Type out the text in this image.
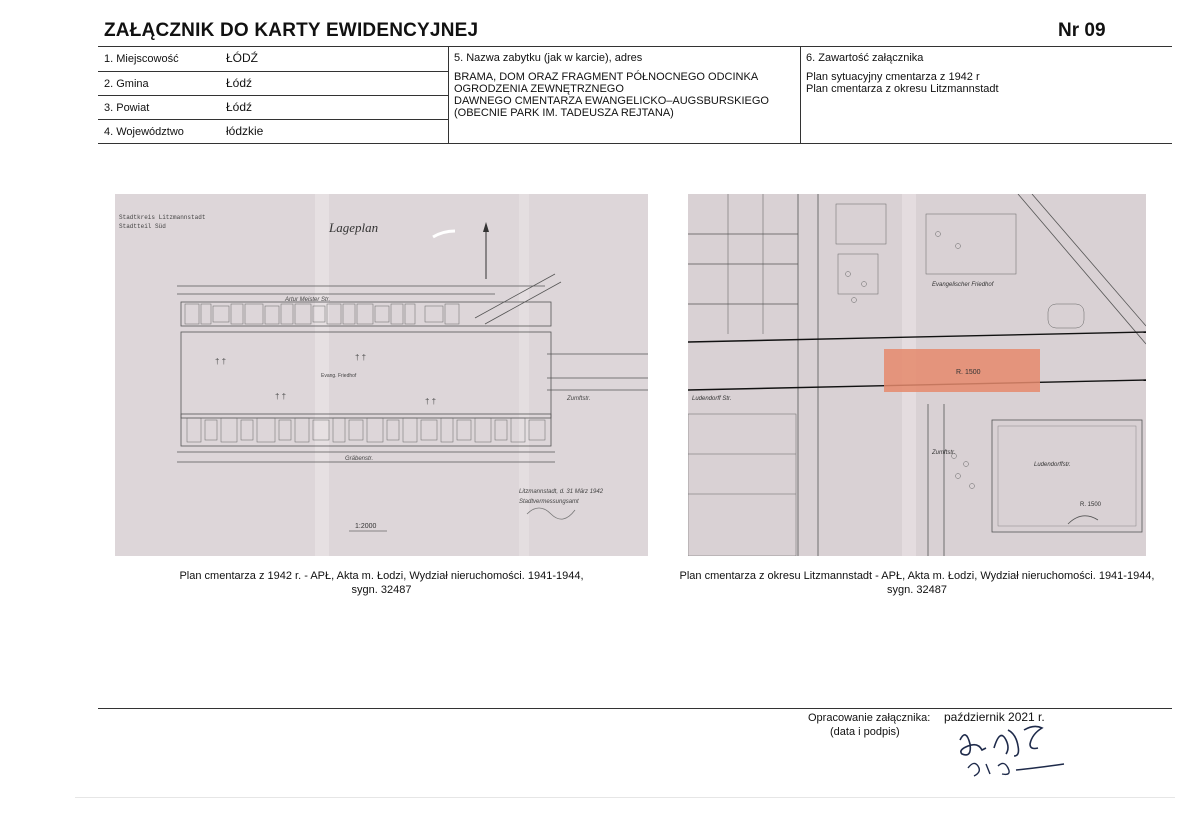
ZAŁĄCZNIK DO KARTY EWIDENCYJNEJ	Nr 09
1. Miejscowość	ŁÓDŹ
2. Gmina	Łódź
3. Powiat	Łódź
4. Województwo	łódzkie
5. Nazwa zabytku (jak w karcie), adres
BRAMA, DOM ORAZ FRAGMENT PÓŁNOCNEGO ODCINKA
OGRODZENIA ZEWNĘTRZNEGO
DAWNEGO CMENTARZA EWANGELICKO–AUGSBURSKIEGO
(OBECNIE PARK IM. TADEUSZA REJTANA)
6. Zawartość załącznika
Plan sytuacyjny cmentarza z 1942 r
Plan cmentarza z okresu Litzmannstadt
Stadtkreis Litzmannstadt
Stadtteil Süd	Lageplan
Artur Meister Str.
Evang. Friedhof
† †	† †
† †
† †	Zumftstr.
Gräbenstr.
Litzmannstadt, d. 31 März 1942
Stadtvermessungsamt
1:2000
Evangelischer Friedhof
R. 1500
Ludendorff Str.
Zumftstr.
Ludendorffstr.
R. 1500
Plan cmentarza z 1942 r. - APŁ, Akta m. Łodzi, Wydział nieruchomości. 1941-1944,
sygn. 32487
Plan cmentarza z okresu Litzmannstadt - APŁ, Akta m. Łodzi, Wydział nieruchomości. 1941-1944,
sygn. 32487
Opracowanie załącznika:
(data i podpis)
październik 2021 r.
